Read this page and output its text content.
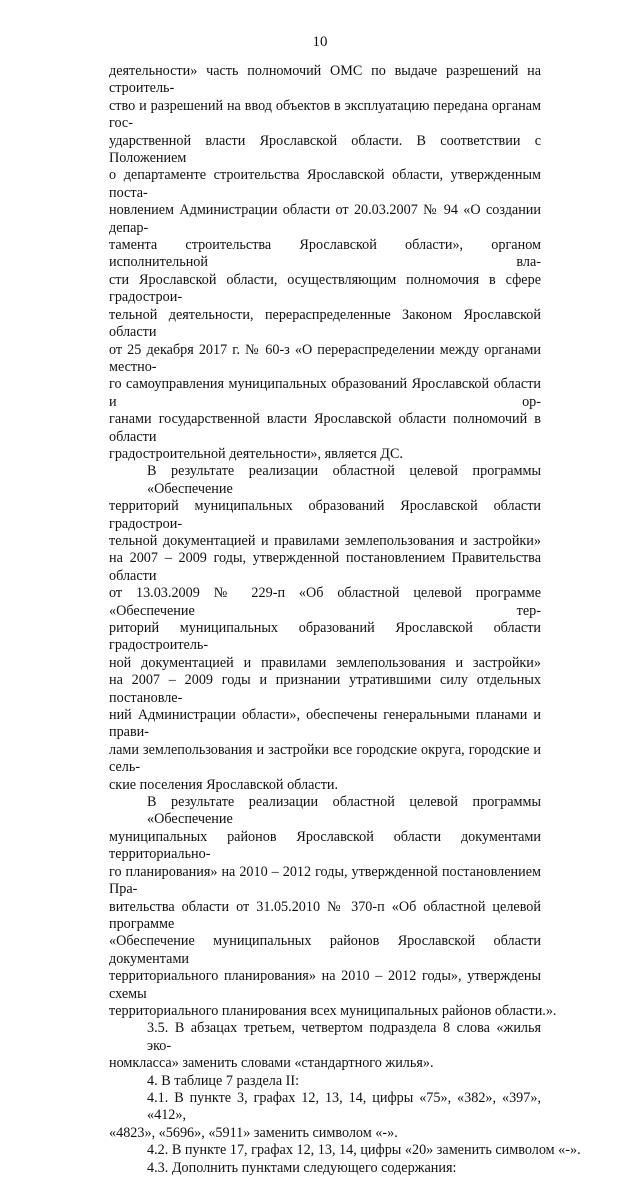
10
деятельности» часть полномочий ОМС по выдаче разрешений на строитель-
ство и разрешений на ввод объектов в эксплуатацию передана органам гос-
ударственной власти Ярославской области. В соответствии с Положением
о департаменте строительства Ярославской области, утвержденным поста-
новлением Администрации области от 20.03.2007 № 94 «О создании депар-
тамента строительства Ярославской области», органом исполнительной вла-
сти Ярославской области, осуществляющим полномочия в сфере градострои-
тельной деятельности, перераспределенные Законом Ярославской области
от 25 декабря 2017 г. № 60-з «О перераспределении между органами местно-
го самоуправления муниципальных образований Ярославской области и ор-
ганами государственной власти Ярославской области полномочий в области
градостроительной деятельности», является ДС.
В результате реализации областной целевой программы «Обеспечение
территорий муниципальных образований Ярославской области градострои-
тельной документацией и правилами землепользования и застройки»
на 2007 – 2009 годы, утвержденной постановлением Правительства области
от 13.03.2009 № 229-п «Об областной целевой программе «Обеспечение тер-
риторий муниципальных образований Ярославской области градостроитель-
ной документацией и правилами землепользования и застройки»
на 2007 – 2009 годы и признании утратившими силу отдельных постановле-
ний Администрации области», обеспечены генеральными планами и прави-
лами землепользования и застройки все городские округа, городские и сель-
ские поселения Ярославской области.
В результате реализации областной целевой программы «Обеспечение
муниципальных районов Ярославской области документами территориально-
го планирования» на 2010 – 2012 годы, утвержденной постановлением Пра-
вительства области от 31.05.2010 № 370-п «Об областной целевой программе
«Обеспечение муниципальных районов Ярославской области документами
территориального планирования» на 2010 – 2012 годы», утверждены схемы
территориального планирования всех муниципальных районов области.».
3.5. В абзацах третьем, четвертом подраздела 8 слова «жилья эко-
номкласса» заменить словами «стандартного жилья».
4. В таблице 7 раздела II:
4.1. В пункте 3, графах 12, 13, 14, цифры «75», «382», «397», «412»,
«4823», «5696», «5911» заменить символом «-».
4.2. В пункте 17, графах 12, 13, 14, цифры «20» заменить символом «-».
4.3. Дополнить пунктами следующего содержания:
